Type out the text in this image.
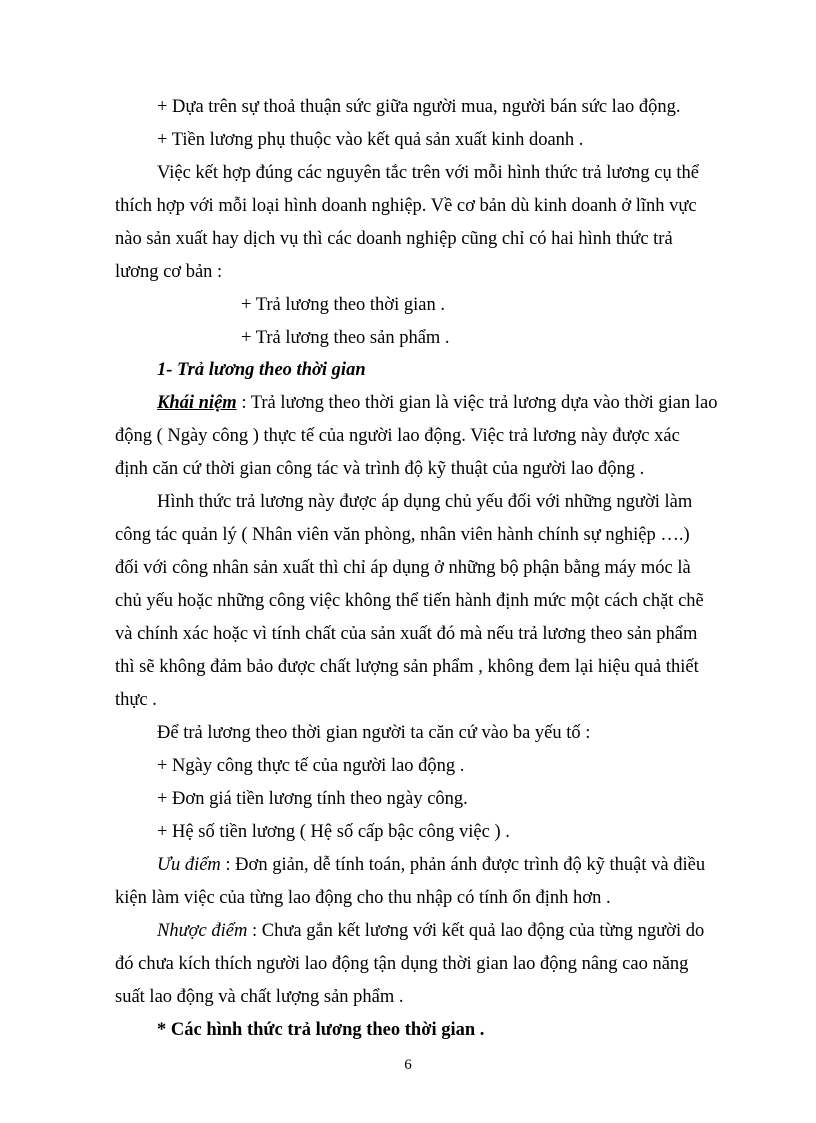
+ Dựa trên sự thoả thuận sức giữa người mua, người bán sức lao động.
+ Tiền lương phụ thuộc vào kết quả sản xuất kinh doanh .
Việc kết hợp đúng các nguyên tắc trên với mỗi hình thức trả lương cụ thể
thích hợp với mỗi loại hình doanh nghiệp. Về cơ bản dù kinh doanh ở lĩnh vực
nào sản xuất hay dịch vụ thì các doanh nghiệp cũng chỉ có hai hình thức trả
lương cơ bản :
+ Trả lương theo thời gian .
+ Trả lương theo sản phẩm .
1- Trả lương theo thời gian
Khái niệm : Trả lương theo thời gian là việc trả lương dựa vào thời gian lao
động ( Ngày công ) thực tế của người lao động. Việc trả lương này được xác
định căn cứ thời gian công tác và trình độ kỹ thuật của người lao động .
Hình thức trả lương này được áp dụng chủ yếu đối với những người làm
công tác quản lý ( Nhân viên văn phòng, nhân viên hành chính sự nghiệp ….)
đối với công nhân sản xuất thì chỉ áp dụng ở những bộ phận bằng máy móc là
chủ yếu hoặc những công việc không thể tiến hành định mức một cách chặt chẽ
và chính xác hoặc vì tính chất của sản xuất đó mà nếu trả lương theo sản phẩm
thì sẽ không đảm bảo được chất lượng sản phẩm , không đem lại hiệu quả thiết
thực .
Để trả lương theo thời gian người ta căn cứ vào ba yếu tố :
+ Ngày công thực tế của người lao động .
+ Đơn giá tiền lương tính theo ngày công.
+ Hệ số tiền lương ( Hệ số cấp bậc công việc ) .
Ưu điểm : Đơn giản, dễ tính toán, phản ánh được trình độ kỹ thuật và điều
kiện làm việc của từng lao động cho thu nhập có tính ổn định hơn .
Nhược điểm : Chưa gắn kết lương với kết quả lao động của từng người do
đó chưa kích thích người lao động tận dụng thời gian lao động nâng cao năng
suất lao động và chất lượng sản phẩm .
* Các hình thức trả lương theo thời gian .
6
